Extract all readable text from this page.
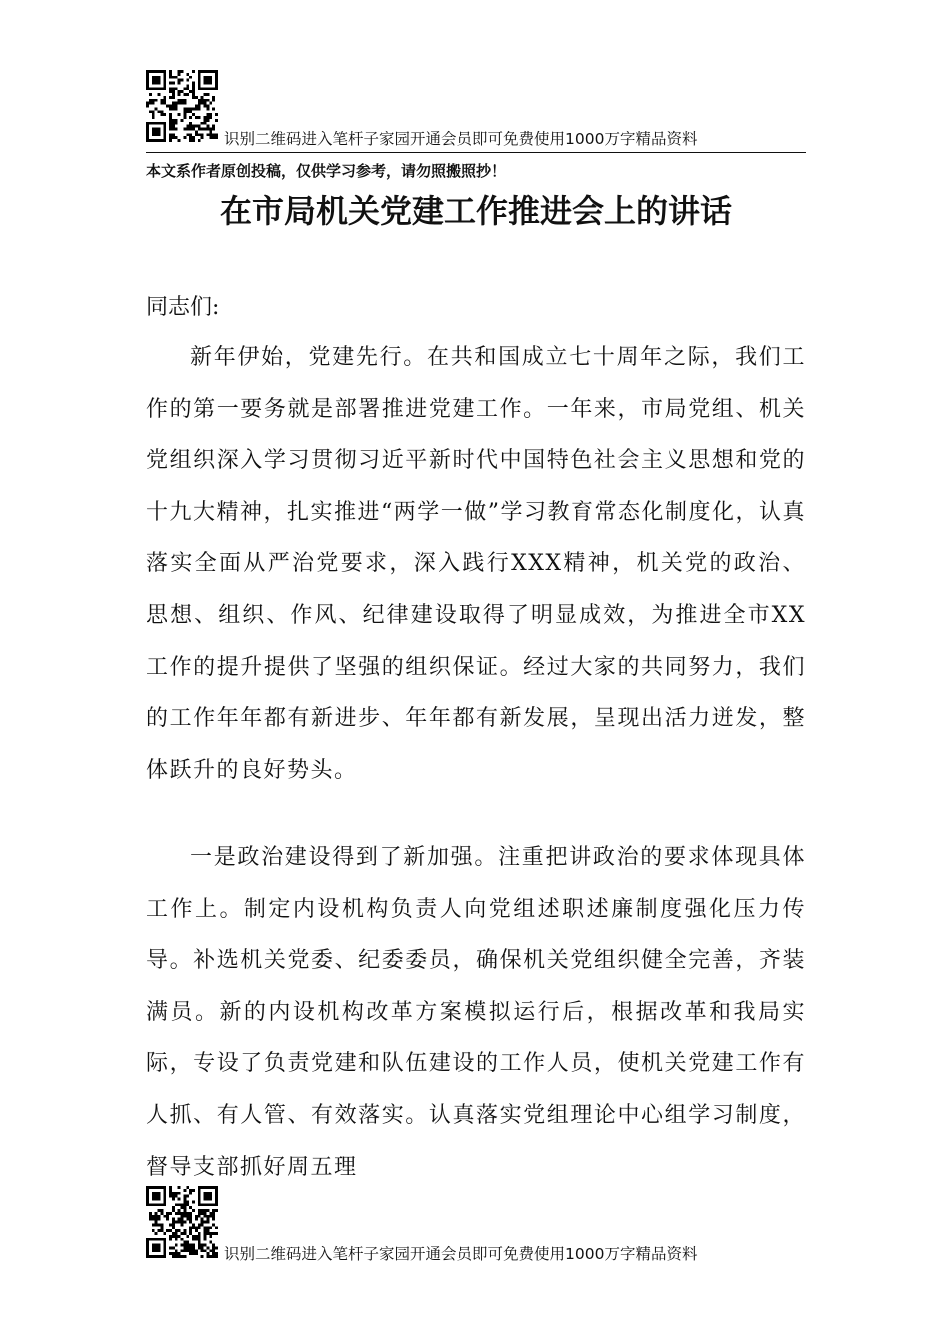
识别二维码进入笔杆子家园开通会员即可免费使用1000万字精品资料
本文系作者原创投稿，仅供学习参考，请勿照搬照抄！
在市局机关党建工作推进会上的讲话
同志们:

新年伊始，党建先行。在共和国成立七十周年之际，我们工作的第一要务就是部署推进党建工作。一年来，市局党组、机关党组织深入学习贯彻习近平新时代中国特色社会主义思想和党的十九大精神，扎实推进“两学一做”学习教育常态化制度化，认真落实全面从严治党要求，深入践行XXX精神，机关党的政治、思想、组织、作风、纪律建设取得了明显成效，为推进全市XX工作的提升提供了坚强的组织保证。经过大家的共同努力，我们的工作年年都有新进步、年年都有新发展，呈现出活力迸发，整体跃升的良好势头。

一是政治建设得到了新加强。注重把讲政治的要求体现具体工作上。制定内设机构负责人向党组述职述廉制度强化压力传导。补选机关党委、纪委委员，确保机关党组织健全完善，齐装满员。新的内设机构改革方案模拟运行后，根据改革和我局实际，专设了负责党建和队伍建设的工作人员，使机关党建工作有人抓、有人管、有效落实。认真落实党组理论中心组学习制度，督导支部抓好周五理

识别二维码进入笔杆子家园开通会员即可免费使用1000万字精品资料
